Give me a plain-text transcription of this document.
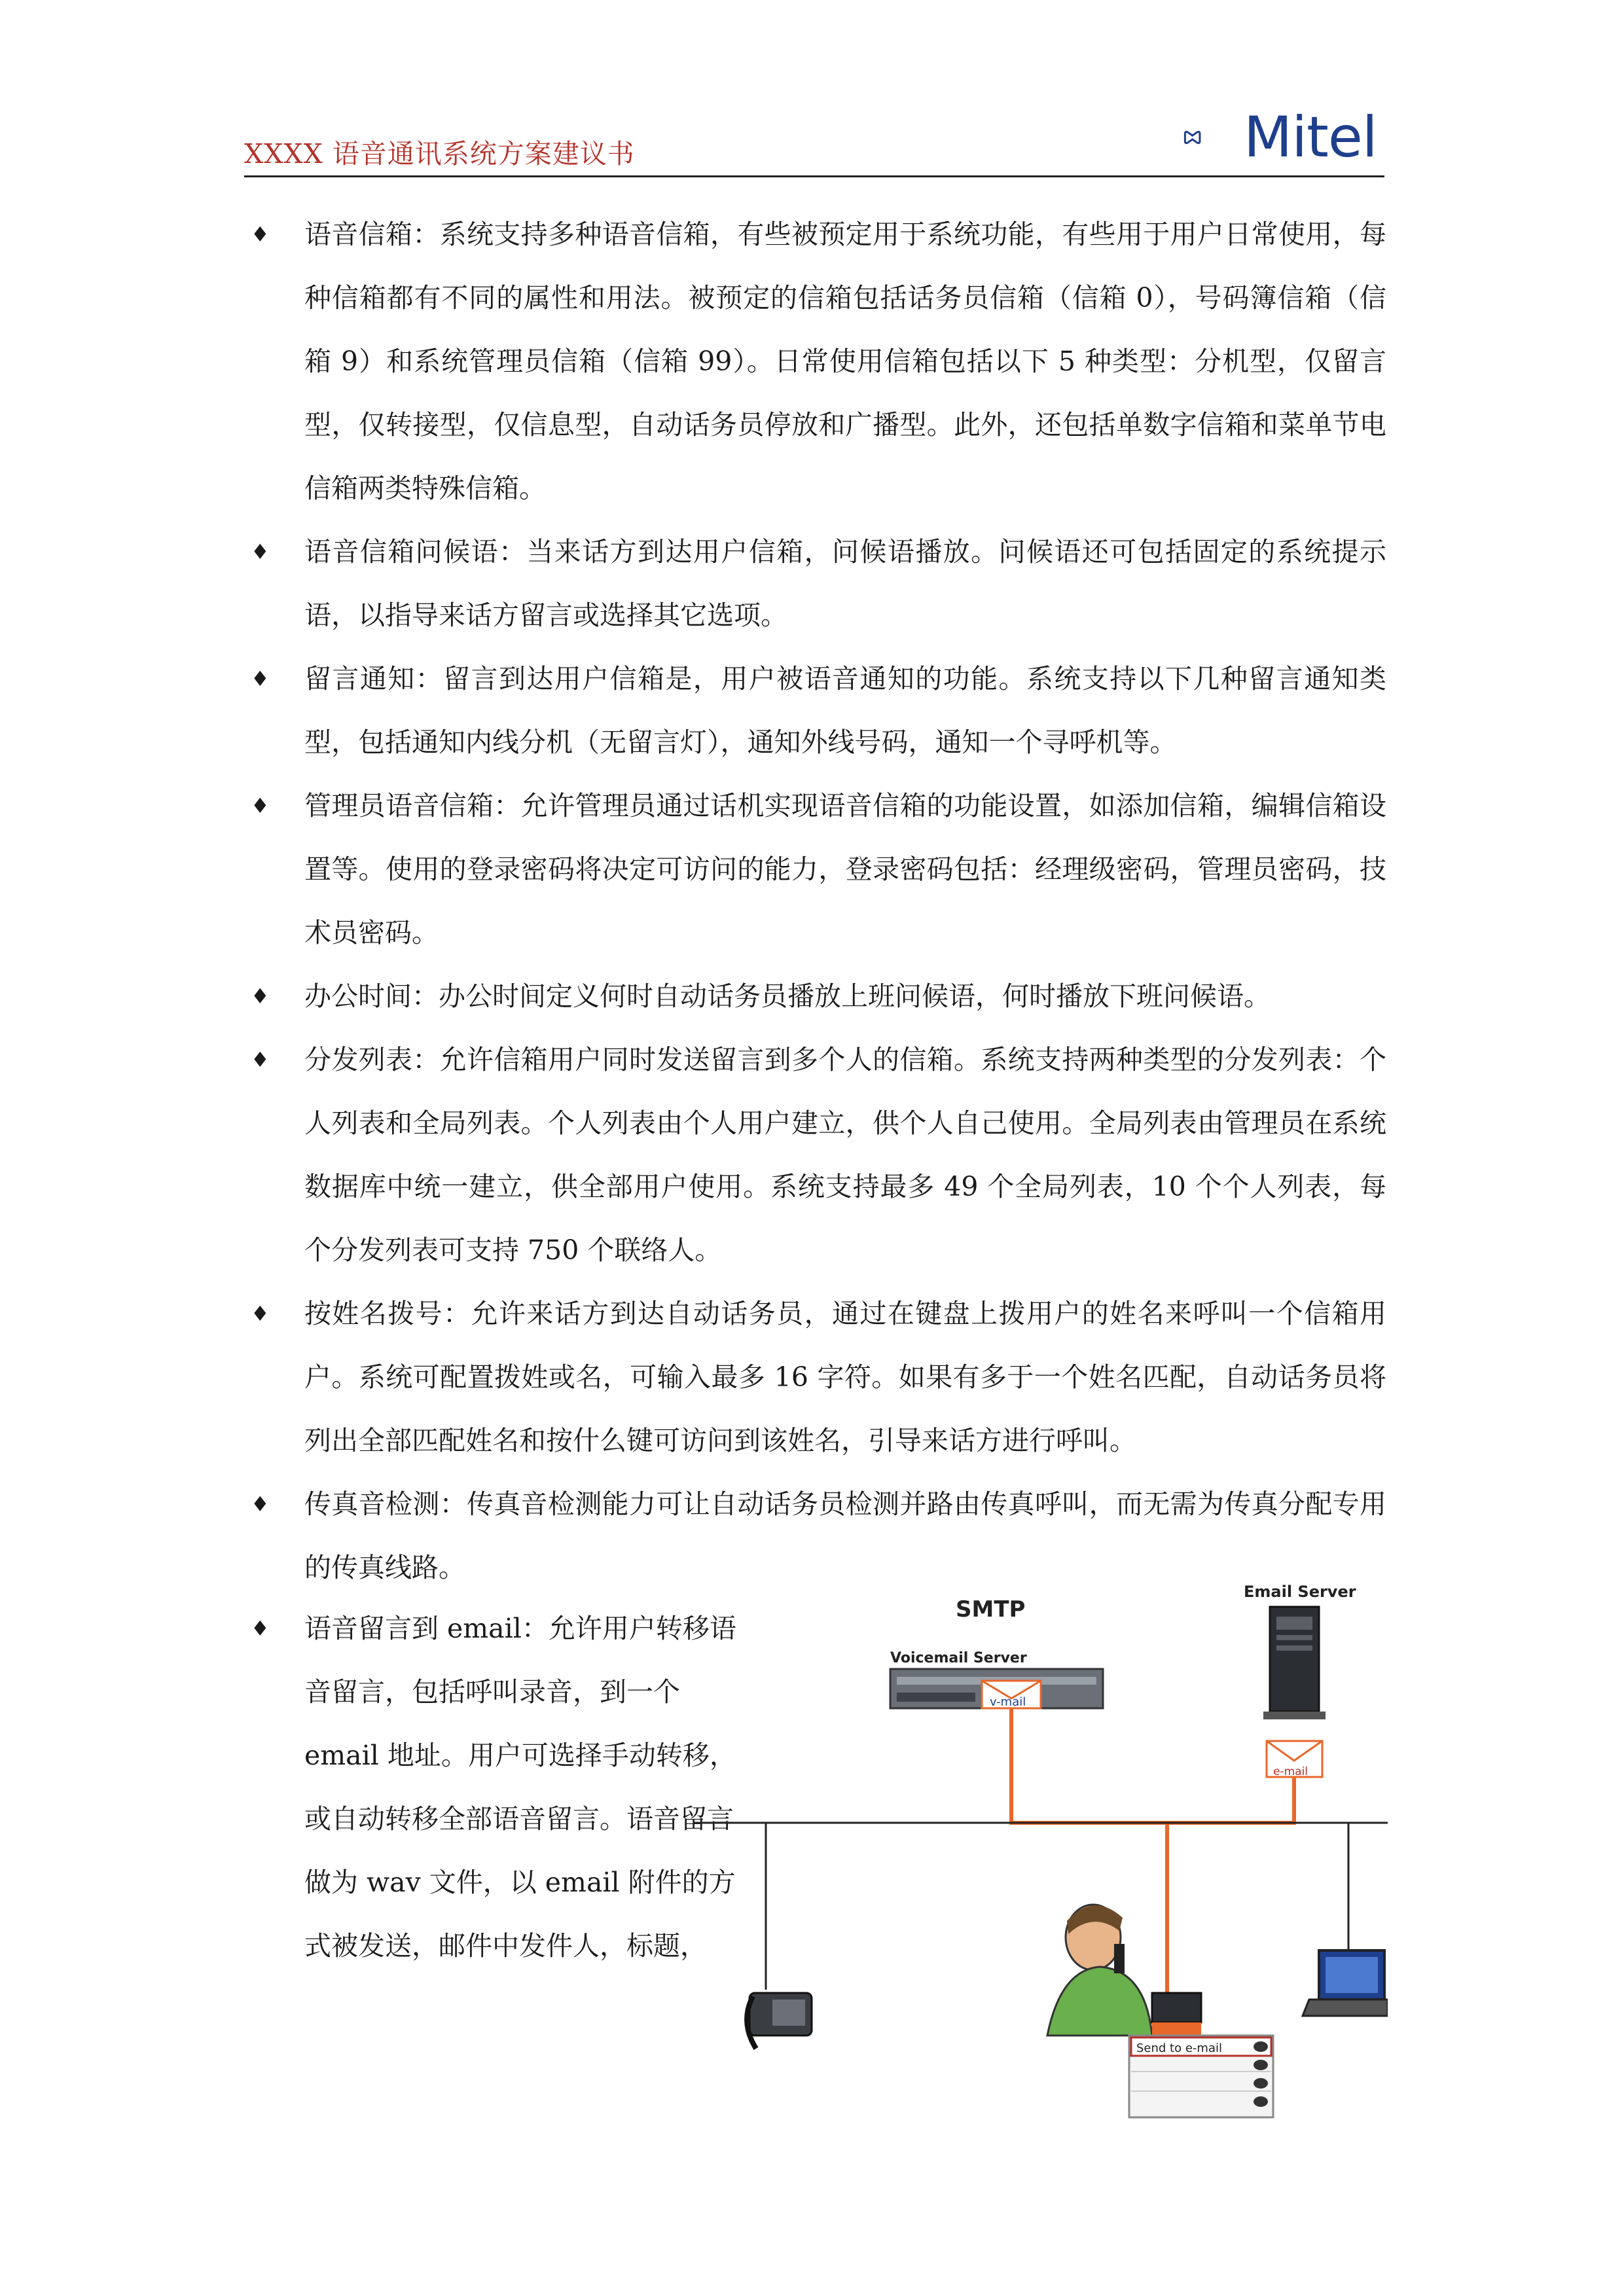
XXXX 语音通讯系统方案建议书	Mitel
♦ 语音信箱：系统支持多种语音信箱，有些被预定用于系统功能，有些用于用户日常使用，每种信箱都有不同的属性和用法。被预定的信箱包括话务员信箱（信箱 0），号码簿信箱（信箱 9）和系统管理员信箱（信箱 99）。日常使用信箱包括以下 5 种类型：分机型，仅留言型，仅转接型，仅信息型，自动话务员停放和广播型。此外，还包括单数字信箱和菜单节电信箱两类特殊信箱。

♦ 语音信箱问候语：当来话方到达用户信箱，问候语播放。问候语还可包括固定的系统提示语，以指导来话方留言或选择其它选项。

♦ 留言通知：留言到达用户信箱是，用户被语音通知的功能。系统支持以下几种留言通知类型，包括通知内线分机（无留言灯），通知外线号码，通知一个寻呼机等。

♦ 管理员语音信箱：允许管理员通过话机实现语音信箱的功能设置，如添加信箱，编辑信箱设置等。使用的登录密码将决定可访问的能力，登录密码包括：经理级密码，管理员密码，技术员密码。

♦ 办公时间：办公时间定义何时自动话务员播放上班问候语，何时播放下班问候语。

♦ 分发列表：允许信箱用户同时发送留言到多个人的信箱。系统支持两种类型的分发列表：个人列表和全局列表。个人列表由个人用户建立，供个人自己使用。全局列表由管理员在系统数据库中统一建立，供全部用户使用。系统支持最多 49 个全局列表，10 个个人列表，每个分发列表可支持 750 个联络人。

♦ 按姓名拨号：允许来话方到达自动话务员，通过在键盘上拨用户的姓名来呼叫一个信箱用户。系统可配置拨姓或名，可输入最多 16 字符。如果有多于一个姓名匹配，自动话务员将列出全部匹配姓名和按什么键可访问到该姓名，引导来话方进行呼叫。

♦ 传真音检测：传真音检测能力可让自动话务员检测并路由传真呼叫，而无需为传真分配专用的传真线路。

♦ 语音留言到 email：允许用户转移语音留言，包括呼叫录音，到一个 email 地址。用户可选择手动转移，或自动转移全部语音留言。语音留言做为 wav 文件，以 email 附件的方式被发送，邮件中发件人，标题，

SMTP
Voicemail Server
v-mail
Email Server
e-mail
Send to e-mail
